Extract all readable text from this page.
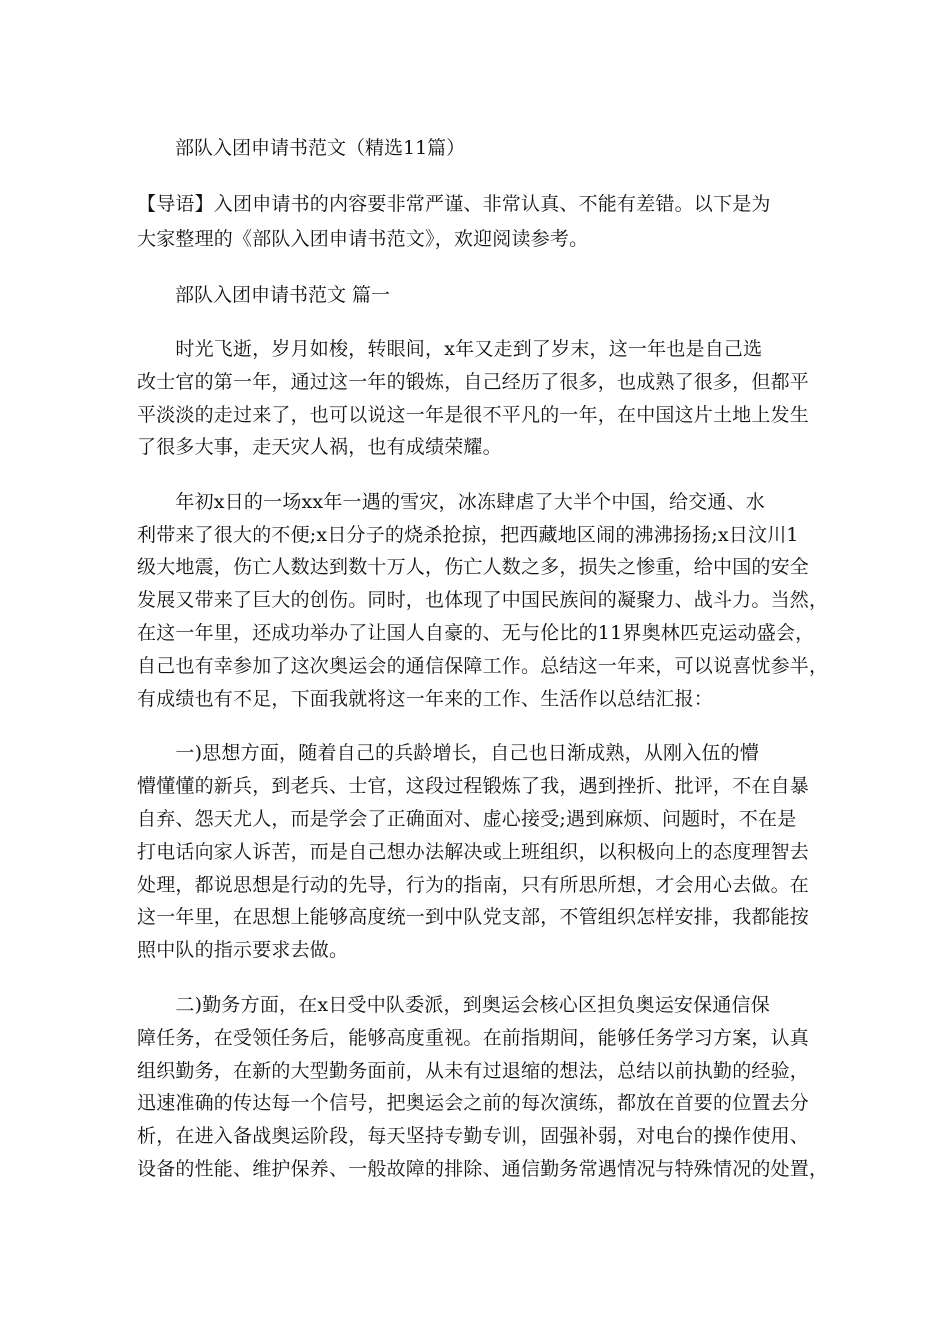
部队入团申请书范文（精选11篇）
【导语】入团申请书的内容要非常严谨、非常认真、不能有差错。以下是为
大家整理的《部队入团申请书范文》，欢迎阅读参考。
部队入团申请书范文 篇一
　　时光飞逝，岁月如梭，转眼间，x年又走到了岁末，这一年也是自己选
改士官的第一年，通过这一年的锻炼，自己经历了很多，也成熟了很多，但都平
平淡淡的走过来了，也可以说这一年是很不平凡的一年，在中国这片土地上发生
了很多大事，走天灾人祸，也有成绩荣耀。
　　年初x日的一场xx年一遇的雪灾，冰冻肆虐了大半个中国，给交通、水
利带来了很大的不便;x日分子的烧杀抢掠，把西藏地区闹的沸沸扬扬;x日汶川1
级大地震，伤亡人数达到数十万人，伤亡人数之多，损失之惨重，给中国的安全
发展又带来了巨大的创伤。同时，也体现了中国民族间的凝聚力、战斗力。当然，
在这一年里，还成功举办了让国人自豪的、无与伦比的11界奥林匹克运动盛会，
自己也有幸参加了这次奥运会的通信保障工作。总结这一年来，可以说喜忧参半，
有成绩也有不足，下面我就将这一年来的工作、生活作以总结汇报：
　　一)思想方面，随着自己的兵龄增长，自己也日渐成熟，从刚入伍的懵
懵懂懂的新兵，到老兵、士官，这段过程锻炼了我，遇到挫折、批评，不在自暴
自弃、怨天尤人，而是学会了正确面对、虚心接受;遇到麻烦、问题时，不在是
打电话向家人诉苦，而是自己想办法解决或上班组织，以积极向上的态度理智去
处理，都说思想是行动的先导，行为的指南，只有所思所想，才会用心去做。在
这一年里，在思想上能够高度统一到中队党支部，不管组织怎样安排，我都能按
照中队的指示要求去做。
　　二)勤务方面，在x日受中队委派，到奥运会核心区担负奥运安保通信保
障任务，在受领任务后，能够高度重视。在前指期间，能够任务学习方案，认真
组织勤务，在新的大型勤务面前，从未有过退缩的想法，总结以前执勤的经验，
迅速准确的传达每一个信号，把奥运会之前的每次演练，都放在首要的位置去分
析，在进入备战奥运阶段，每天坚持专勤专训，固强补弱，对电台的操作使用、
设备的性能、维护保养、一般故障的排除、通信勤务常遇情况与特殊情况的处置，
